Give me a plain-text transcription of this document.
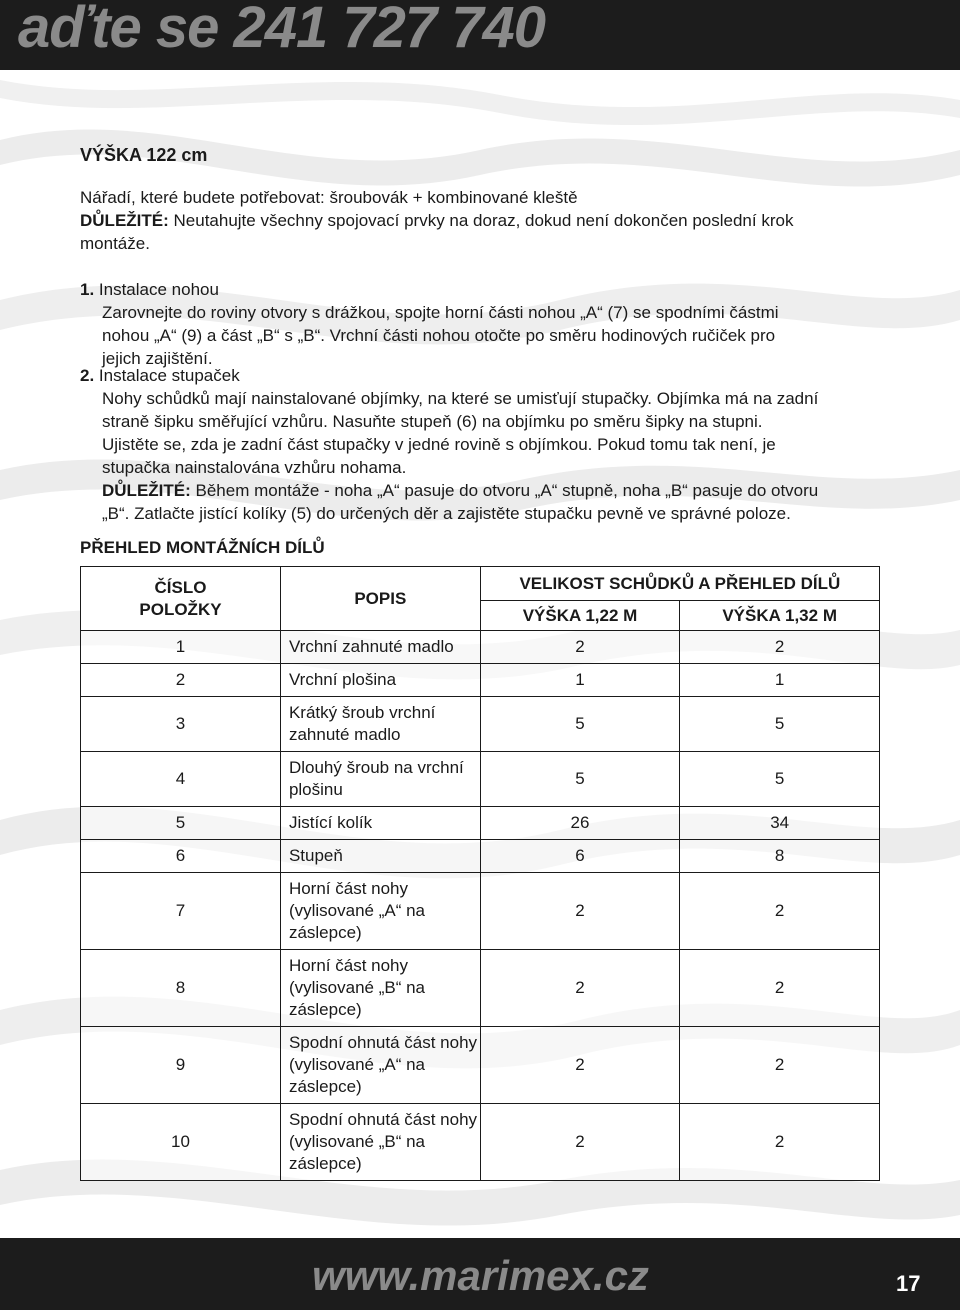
aďte se 241 727 740
VÝŠKA 122 cm
Nářadí, které budete potřebovat: šroubovák + kombinované kleště
DŮLEŽITÉ: Neutahujte všechny spojovací prvky na doraz, dokud není dokončen poslední krok
montáže.
1. Instalace nohou
Zarovnejte do roviny otvory s drážkou, spojte horní části nohou „A“ (7) se spodními částmi
nohou „A“ (9) a část „B“ s „B“. Vrchní části nohou otočte po směru hodinových ručiček pro
jejich zajištění.
2. Instalace stupaček
Nohy schůdků mají nainstalované objímky, na které se umisťují stupačky. Objímka má na zadní
straně šipku směřující vzhůru. Nasuňte stupeň (6) na objímku po směru šipky na stupni.
Ujistěte se, zda je zadní část stupačky v jedné rovině s objímkou. Pokud tomu tak není, je
stupačka nainstalována vzhůru nohama.
DŮLEŽITÉ: Během montáže - noha „A“ pasuje do otvoru „A“ stupně, noha „B“ pasuje do otvoru
„B“. Zatlačte jistící kolíky (5) do určených děr a zajistěte stupačku pevně ve správné poloze.
PŘEHLED MONTÁŽNÍCH DÍLŮ
ČÍSLO POLOŽKY	POPIS	VELIKOST SCHŮDKŮ A PŘEHLED DÍLŮ	
		VÝŠKA 1,22 M	VÝŠKA 1,32 M
1	Vrchní zahnuté madlo	2	2
2	Vrchní plošina	1	1
3	Krátký šroub vrchní zahnuté madlo	5	5
4	Dlouhý šroub na vrchní plošinu	5	5
5	Jistící kolík	26	34
6	Stupeň	6	8
7	Horní část nohy (vylisované „A“ na záslepce)	2	2
8	Horní část nohy (vylisované „B“ na záslepce)	2	2
9	Spodní ohnutá část nohy (vylisované „A“ na záslepce)	2	2
10	Spodní ohnutá část nohy (vylisované „B“ na záslepce)	2	2
www.marimex.cz	17
